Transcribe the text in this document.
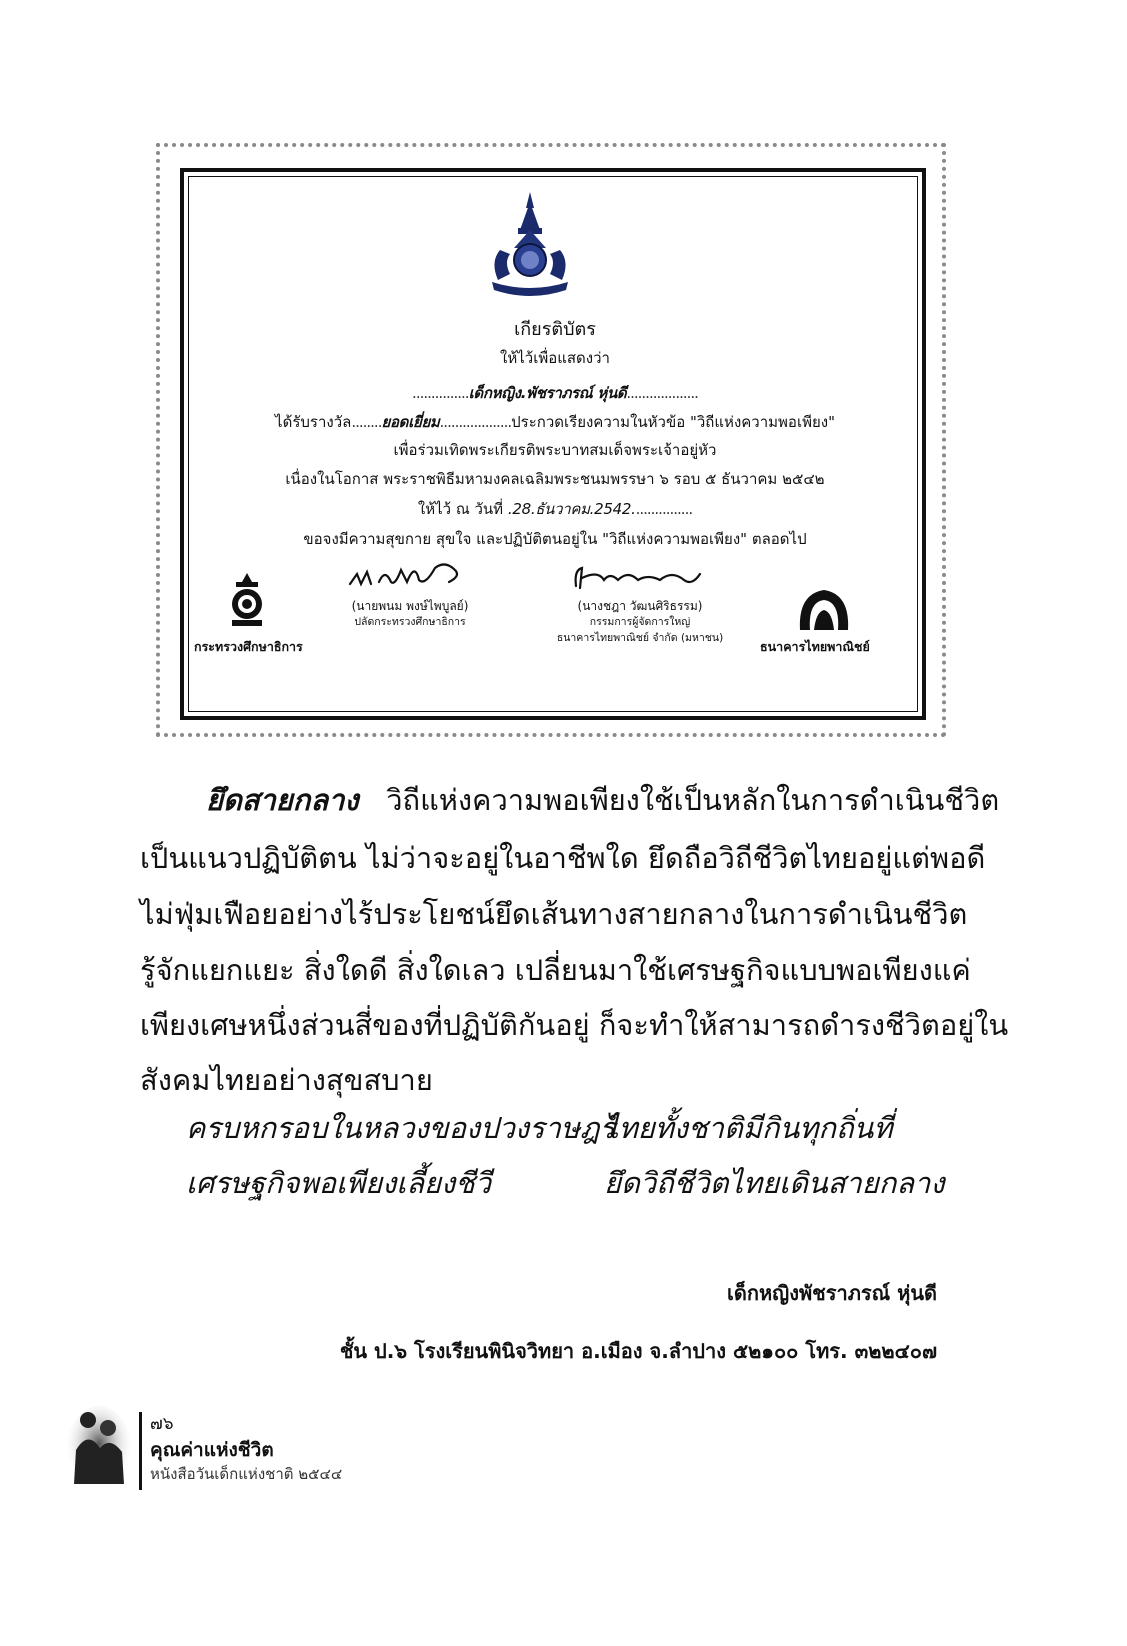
เกียรติบัตร
ให้ไว้เพื่อแสดงว่า
...............เด็กหญิง.พัชราภรณ์ หุ่นดี...................
ได้รับรางวัล........ยอดเยี่ยม...................ประกวดเรียงความในหัวข้อ "วิถีแห่งความพอเพียง"
เพื่อร่วมเทิดพระเกียรติพระบาทสมเด็จพระเจ้าอยู่หัว
เนื่องในโอกาส พระราชพิธีมหามงคลเฉลิมพระชนมพรรษา ๖ รอบ ๕ ธันวาคม ๒๕๔๒
ให้ไว้ ณ วันที่ .28.ธันวาคม.2542................
ขอจงมีความสุขกาย สุขใจ และปฏิบัติตนอยู่ใน "วิถีแห่งความพอเพียง" ตลอดไป
(นายพนม พงษ์ไพบูลย์)
ปลัดกระทรวงศึกษาธิการ
(นางชฎา วัฒนศิริธรรม)
กรรมการผู้จัดการใหญ่
ธนาคารไทยพาณิชย์ จำกัด (มหาชน)
กระทรวงศึกษาธิการ	ธนาคารไทยพาณิชย์
ยึดสายกลาง วิถีแห่งความพอเพียงใช้เป็นหลักในการดำเนินชีวิต
เป็นแนวปฏิบัติตน ไม่ว่าจะอยู่ในอาชีพใด ยึดถือวิถีชีวิตไทยอยู่แต่พอดี
ไม่ฟุ่มเฟือยอย่างไร้ประโยชน์ยึดเส้นทางสายกลางในการดำเนินชีวิต
รู้จักแยกแยะ สิ่งใดดี สิ่งใดเลว เปลี่ยนมาใช้เศรษฐกิจแบบพอเพียงแค่
เพียงเศษหนึ่งส่วนสี่ของที่ปฏิบัติกันอยู่ ก็จะทำให้สามารถดำรงชีวิตอยู่ใน
สังคมไทยอย่างสุขสบาย
ครบหกรอบในหลวงของปวงราษฎร์
ไทยทั้งชาติมีกินทุกถิ่นที่
เศรษฐกิจพอเพียงเลี้ยงชีวี	ยึดวิถีชีวิตไทยเดินสายกลาง
เด็กหญิงพัชราภรณ์ หุ่นดี
ชั้น ป.๖ โรงเรียนพินิจวิทยา อ.เมือง จ.ลำปาง ๕๒๑๐๐ โทร. ๓๒๒๔๐๗
๗๖
คุณค่าแห่งชีวิต
หนังสือวันเด็กแห่งชาติ ๒๕๔๔
